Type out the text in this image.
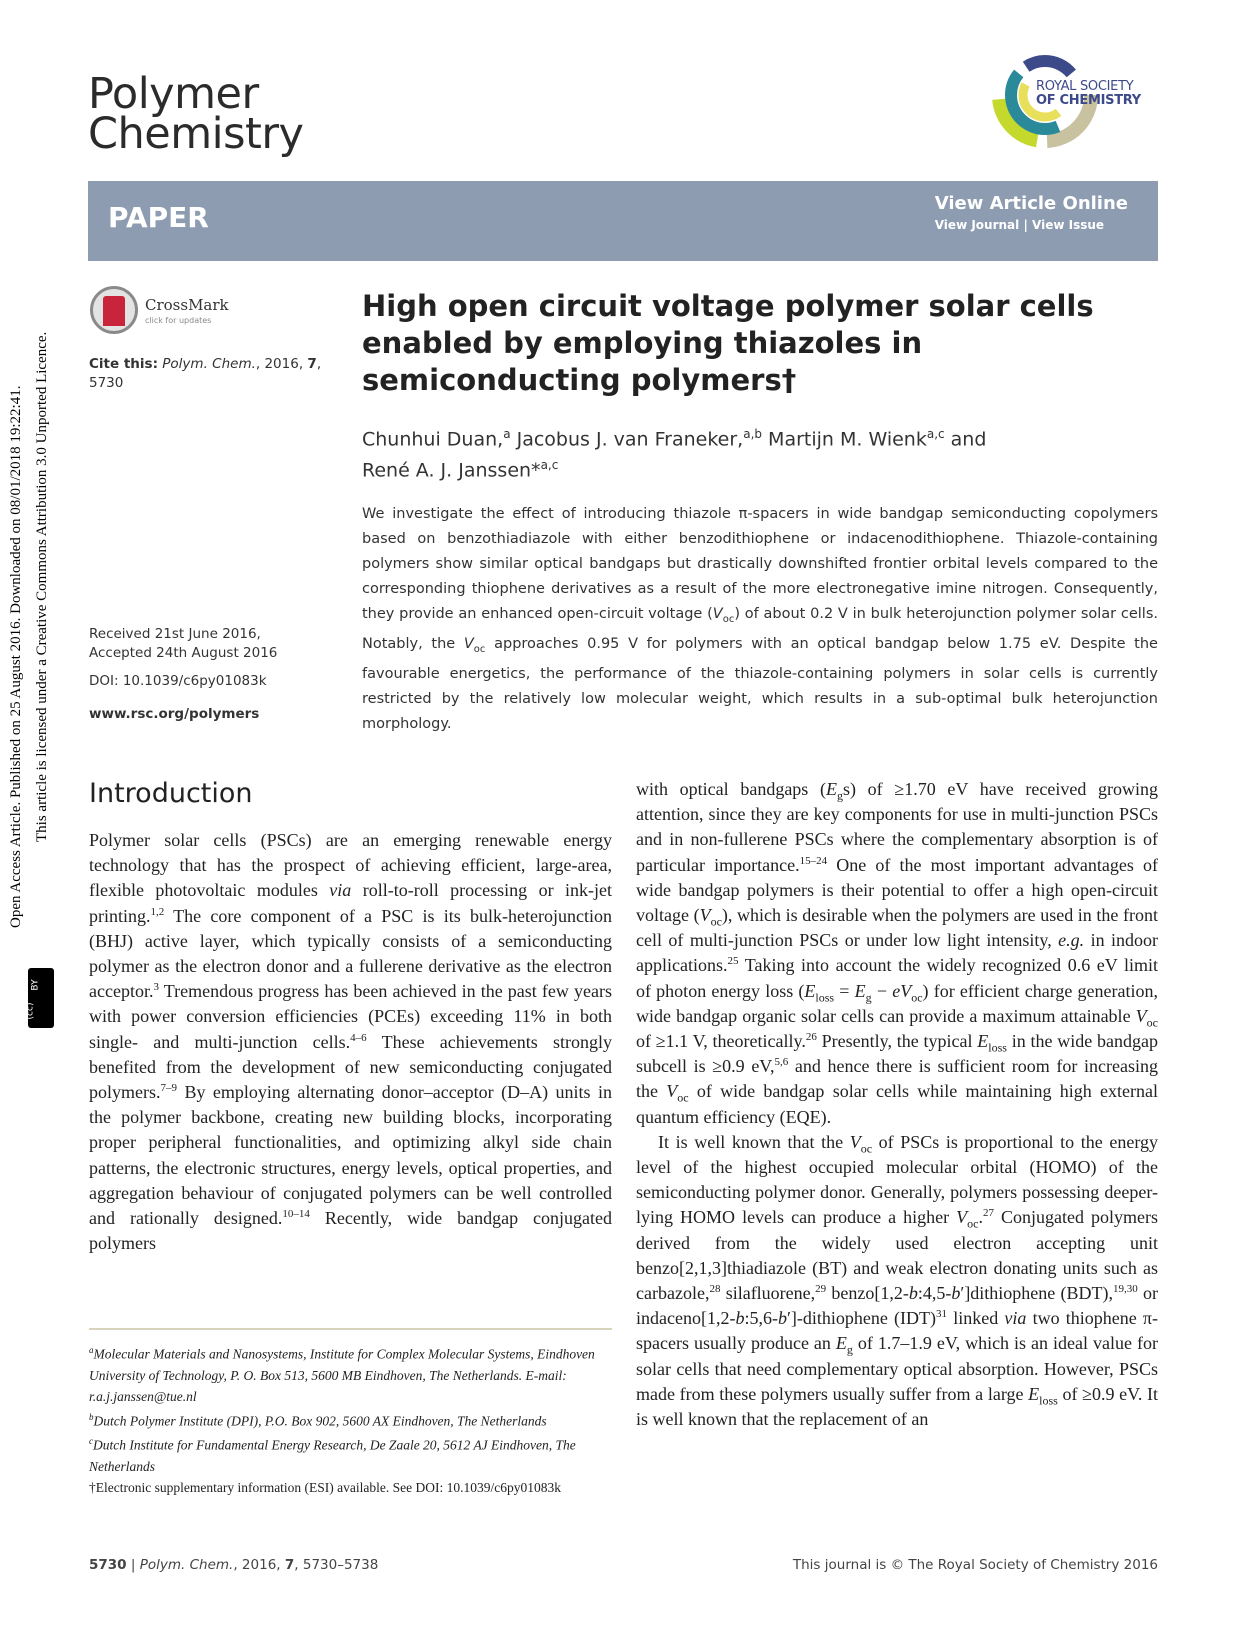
Open Access Article. Published on 25 August 2016. Downloaded on 08/01/2018 19:22:41. This article is licensed under a Creative Commons Attribution 3.0 Unported Licence.
(cc)
BY
Polymer
Chemistry
ROYAL SOCIETY
OF CHEMISTRY
PAPER	View Article Online
View Journal | View Issue
CrossMark
click for updates
Cite this: Polym. Chem., 2016, 7, 5730
Received 21st June 2016,
Accepted 24th August 2016
DOI: 10.1039/c6py01083k
www.rsc.org/polymers
High open circuit voltage polymer solar cells enabled by employing thiazoles in semiconducting polymers†
Chunhui Duan,$^a$ Jacobus J. van Franeker,$^{a,b}$ Martijn M. Wienk$^{a,c}$ and
René A. J. Janssen*$^{a,c}$
We investigate the effect of introducing thiazole π-spacers in wide bandgap semiconducting copolymers based on benzothiadiazole with either benzodithiophene or indacenodithiophene. Thiazole-containing polymers show similar optical bandgaps but drastically downshifted frontier orbital levels compared to the corresponding thiophene derivatives as a result of the more electronegative imine nitrogen. Consequently, they provide an enhanced open-circuit voltage $(V_{oc})$ of about 0.2 V in bulk heterojunction polymer solar cells. Notably, the $V_{oc}$ approaches 0.95 V for polymers with an optical bandgap below 1.75 eV. Despite the favourable energetics, the performance of the thiazole-containing polymers in solar cells is currently restricted by the relatively low molecular weight, which results in a sub-optimal bulk heterojunction morphology.
Introduction
Polymer solar cells (PSCs) are an emerging renewable energy technology that has the prospect of achieving efficient, large-area, flexible photovoltaic modules via roll-to-roll processing or ink-jet printing.$^{1,2}$ The core component of a PSC is its bulk-heterojunction (BHJ) active layer, which typically consists of a semiconducting polymer as the electron donor and a fullerene derivative as the electron acceptor.$^3$ Tremendous progress has been achieved in the past few years with power conversion efficiencies (PCEs) exceeding 11% in both single- and multi-junction cells.$^{4-6}$ These achievements strongly benefited from the development of new semiconducting conjugated polymers.$^{7-9}$ By employing alternating donor–acceptor (D–A) units in the polymer backbone, creating new building blocks, incorporating proper peripheral functionalities, and optimizing alkyl side chain patterns, the electronic structures, energy levels, optical properties, and aggregation behaviour of conjugated polymers can be well controlled and rationally designed.$^{10-14}$ Recently, wide bandgap conjugated polymers

$^a$Molecular Materials and Nanosystems, Institute for Complex Molecular Systems, Eindhoven University of Technology, P. O. Box 513, 5600 MB Eindhoven, The Netherlands. E-mail: r.a.j.janssen@tue.nl

$^b$Dutch Polymer Institute (DPI), P.O. Box 902, 5600 AX Eindhoven, The Netherlands

$^c$Dutch Institute for Fundamental Energy Research, De Zaale 20, 5612 AJ Eindhoven, The Netherlands

†Electronic supplementary information (ESI) available. See DOI: 10.1039/c6py01083k

with optical bandgaps $(E_gs)$ of ≥1.70 eV have received growing attention, since they are key components for use in multi-junction PSCs and in non-fullerene PSCs where the complementary absorption is of particular importance.$^{15-24}$ One of the most important advantages of wide bandgap polymers is their potential to offer a high open-circuit voltage $(V_{oc})$, which is desirable when the polymers are used in the front cell of multi-junction PSCs or under low light intensity, e.g. in indoor applications.$^{25}$ Taking into account the widely recognized 0.6 eV limit of photon energy loss $(E_{loss} = E_g - eV_{oc})$ for efficient charge generation, wide bandgap organic solar cells can provide a maximum attainable $V_{oc}$ of ≥1.1 V, theoretically.$^{26}$ Presently, the typical $E_{loss}$ in the wide bandgap subcell is ≥0.9 eV,$^{5,6}$ and hence there is sufficient room for increasing the $V_{oc}$ of wide bandgap solar cells while maintaining high external quantum efficiency (EQE).

It is well known that the $V_{oc}$ of PSCs is proportional to the energy level of the highest occupied molecular orbital (HOMO) of the semiconducting polymer donor. Generally, polymers possessing deeper-lying HOMO levels can produce a higher $V_{oc}.^{27}$ Conjugated polymers derived from the widely used electron accepting unit benzo[2,1,3]thiadiazole (BT) and weak electron donating units such as carbazole,$^{28}$ silafluorene,$^{29}$ benzo[1,2-b:4,5-b′]dithiophene (BDT),$^{19,30}$ or indaceno[1,2-b:5,6-b′]-dithiophene (IDT)$^{31}$ linked via two thiophene π-spacers usually produce an $E_g$ of 1.7–1.9 eV, which is an ideal value for solar cells that need complementary optical absorption. However, PSCs made from these polymers usually suffer from a large $E_{loss}$ of ≥0.9 eV. It is well known that the replacement of an

5730 | Polym. Chem., 2016, 7, 5730–5738	This journal is © The Royal Society of Chemistry 2016
